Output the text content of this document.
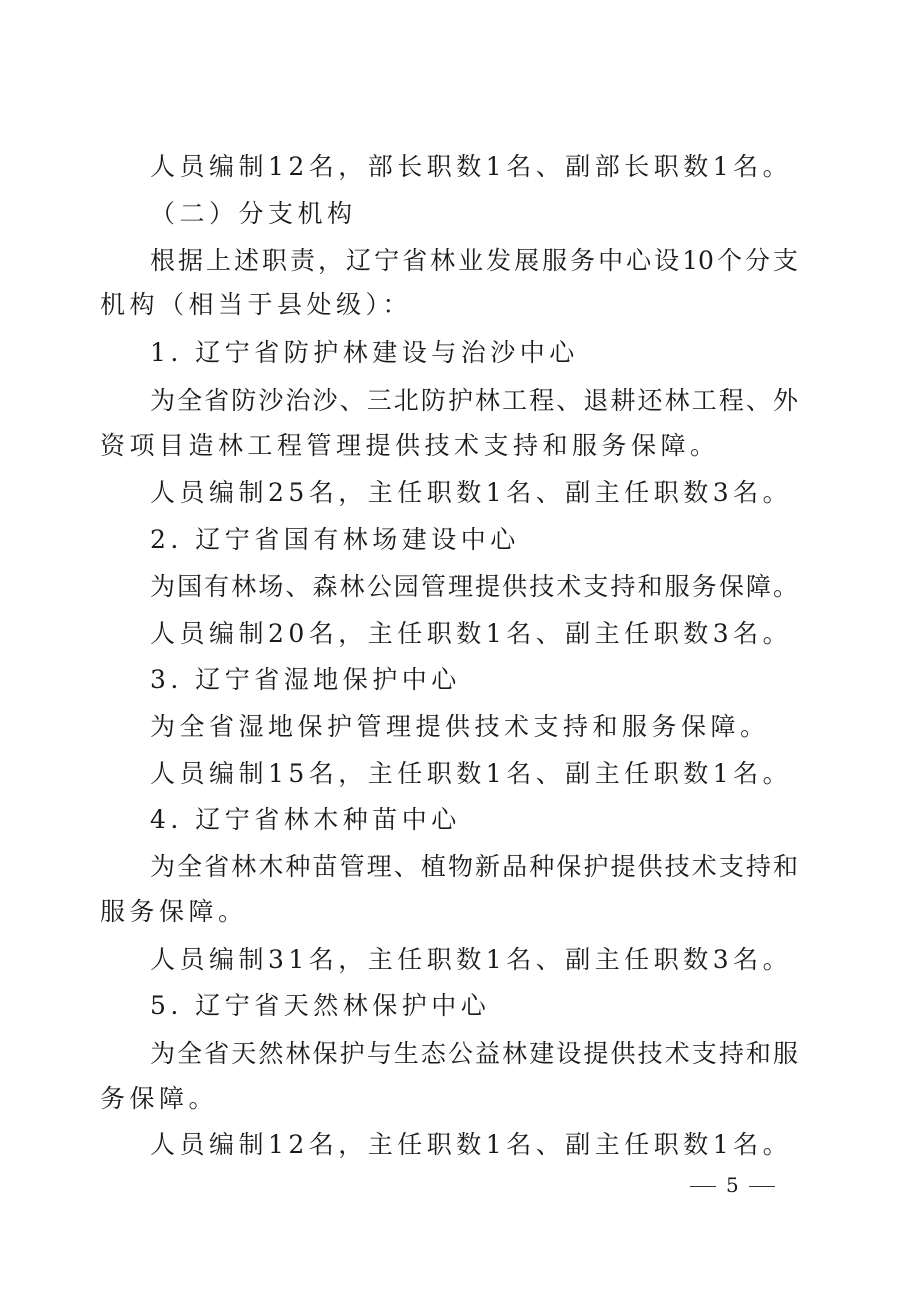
人员编制12名，部长职数1名、副部长职数1名。
（二）分支机构
根据上述职责，辽宁省林业发展服务中心设10个分支
机构（相当于县处级）：
1. 辽宁省防护林建设与治沙中心
为全省防沙治沙、三北防护林工程、退耕还林工程、外
资项目造林工程管理提供技术支持和服务保障。
人员编制25名，主任职数1名、副主任职数3名。
2. 辽宁省国有林场建设中心
为国有林场、森林公园管理提供技术支持和服务保障。
人员编制20名，主任职数1名、副主任职数3名。
3. 辽宁省湿地保护中心
为全省湿地保护管理提供技术支持和服务保障。
人员编制15名，主任职数1名、副主任职数1名。
4. 辽宁省林木种苗中心
为全省林木种苗管理、植物新品种保护提供技术支持和
服务保障。
人员编制31名，主任职数1名、副主任职数3名。
5. 辽宁省天然林保护中心
为全省天然林保护与生态公益林建设提供技术支持和服
务保障。
人员编制12名，主任职数1名、副主任职数1名。
5
